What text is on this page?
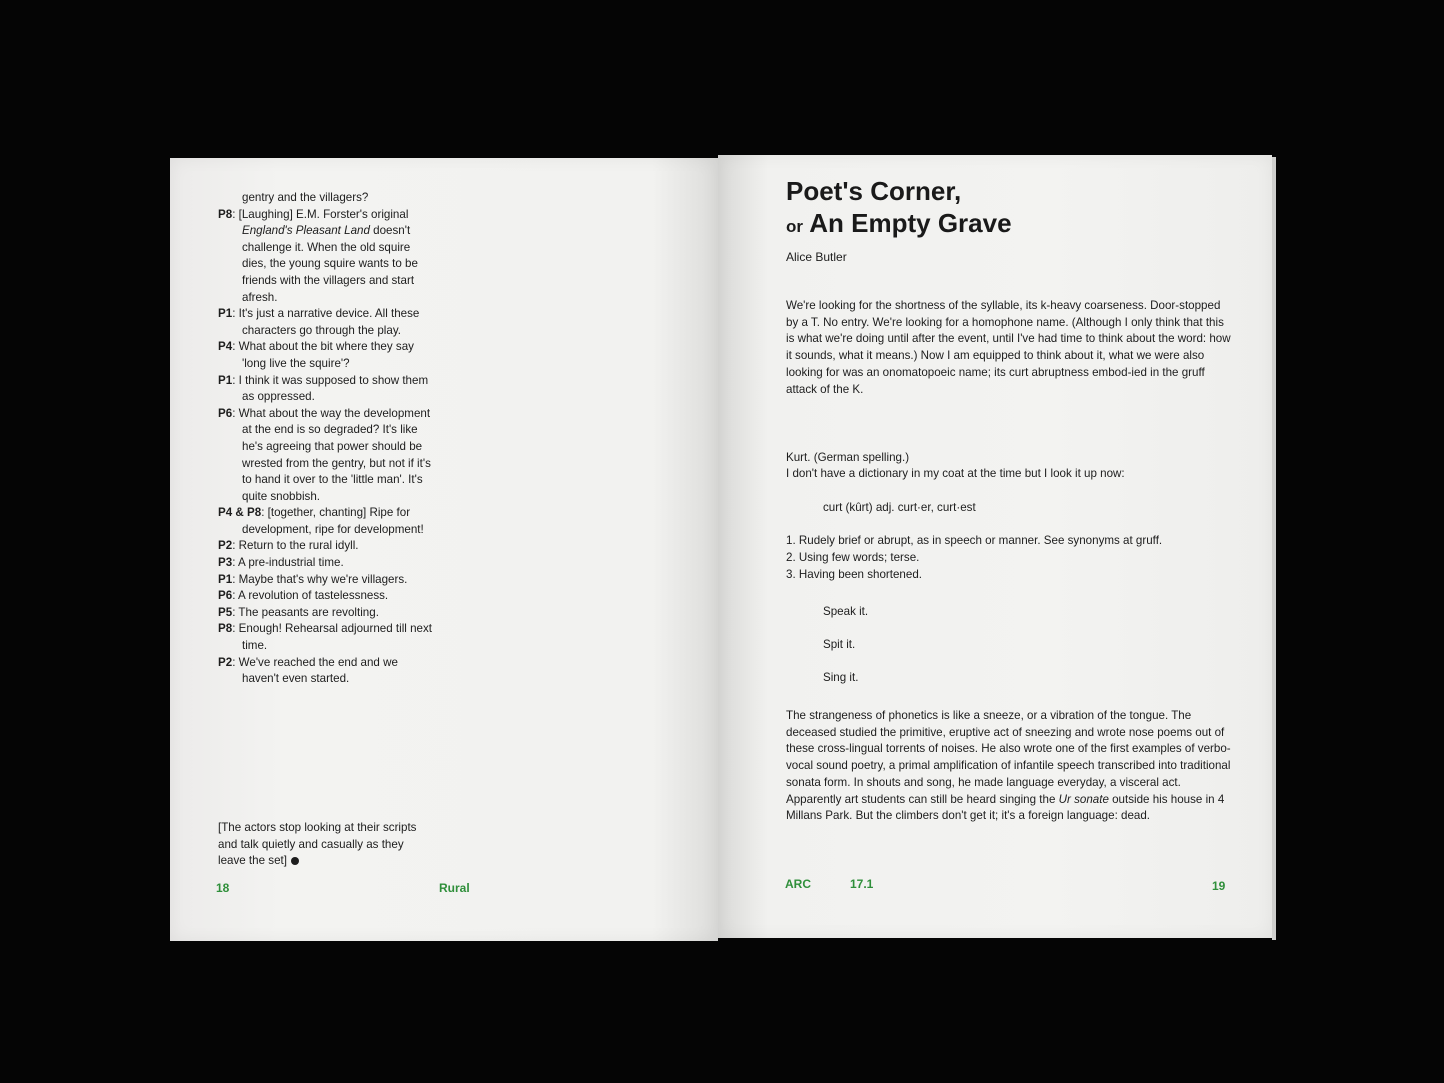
gentry and the villagers?
P8: [Laughing] E.M. Forster's original England's Pleasant Land doesn't challenge it. When the old squire dies, the young squire wants to be friends with the villagers and start afresh.
P1: It's just a narrative device. All these characters go through the play.
P4: What about the bit where they say 'long live the squire'?
P1: I think it was supposed to show them as oppressed.
P6: What about the way the development at the end is so degraded? It's like he's agreeing that power should be wrested from the gentry, but not if it's to hand it over to the 'little man'. It's quite snobbish.
P4 & P8: [together, chanting] Ripe for development, ripe for development!
P2: Return to the rural idyll.
P3: A pre-industrial time.
P1: Maybe that's why we're villagers.
P6: A revolution of tastelessness.
P5: The peasants are revolting.
P8: Enough! Rehearsal adjourned till next time.
P2: We've reached the end and we haven't even started.
[The actors stop looking at their scripts and talk quietly and casually as they leave the set]
18	Rural
Poet's Corner,
or An Empty Grave
Alice Butler
We're looking for the shortness of the syllable, its k-heavy coarseness. Door-stopped by a T. No entry. We're looking for a homophone name. (Although I only think that this is what we're doing until after the event, until I've had time to think about the word: how it sounds, what it means.) Now I am equipped to think about it, what we were also looking for was an onomatopoeic name; its curt abruptness embod-ied in the gruff attack of the K.
Kurt. (German spelling.)
I don't have a dictionary in my coat at the time but I look it up now:
curt (kûrt) adj. curt·er, curt·est
1. Rudely brief or abrupt, as in speech or manner. See synonyms at gruff.
2. Using few words; terse.
3. Having been shortened.
Speak it.
Spit it.
Sing it.
The strangeness of phonetics is like a sneeze, or a vibration of the tongue. The deceased studied the primitive, eruptive act of sneezing and wrote nose poems out of these cross-lingual torrents of noises. He also wrote one of the first examples of verbo-vocal sound poetry, a primal amplification of infantile speech transcribed into traditional sonata form. In shouts and song, he made language everyday, a visceral act. Apparently art students can still be heard singing the Ur sonate outside his house in 4 Millans Park. But the climbers don't get it; it's a foreign language: dead.
ARC	17.1	19
